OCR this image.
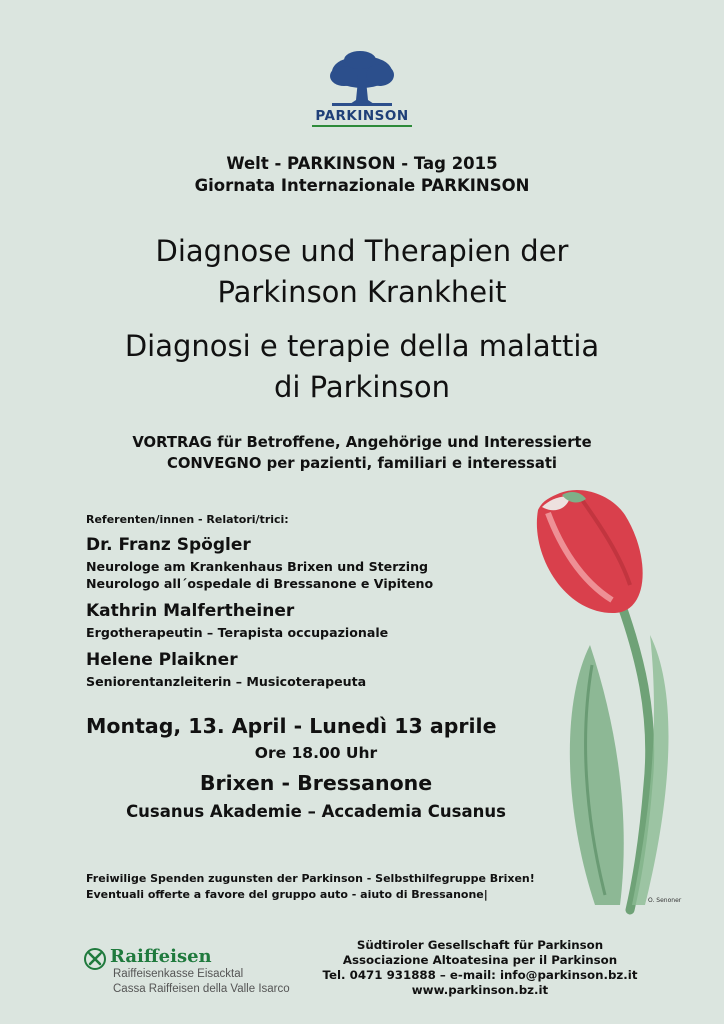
PARKINSON
Welt - PARKINSON - Tag 2015
Giornata Internazionale PARKINSON
Diagnose und Therapien der
Parkinson Krankheit
Diagnosi e terapie della malattia
di Parkinson
VORTRAG für Betroffene, Angehörige und Interessierte
CONVEGNO per pazienti, familiari e interessati
Referenten/innen - Relatori/trici:
Dr. Franz Spögler
Neurologe am Krankenhaus Brixen und Sterzing
Neurologo all´ospedale di Bressanone e Vipiteno
Kathrin Malfertheiner
Ergotherapeutin – Terapista occupazionale
Helene Plaikner
Seniorentanzleiterin – Musicoterapeuta
Montag, 13. April - Lunedì 13 aprile
Ore 18.00 Uhr
Brixen - Bressanone
Cusanus Akademie – Accademia Cusanus
Freiwilige Spenden zugunsten der Parkinson - Selbsthilfegruppe Brixen!
Eventuali offerte a favore del gruppo auto - aiuto di Bressanone|	O. Senoner
Raiffeisen
Raiffeisenkasse Eisacktal
Cassa Raiffeisen della Valle Isarco
Südtiroler Gesellschaft für Parkinson
Associazione Altoatesina per il Parkinson
Tel. 0471 931888 – e-mail: info@parkinson.bz.it
www.parkinson.bz.it
